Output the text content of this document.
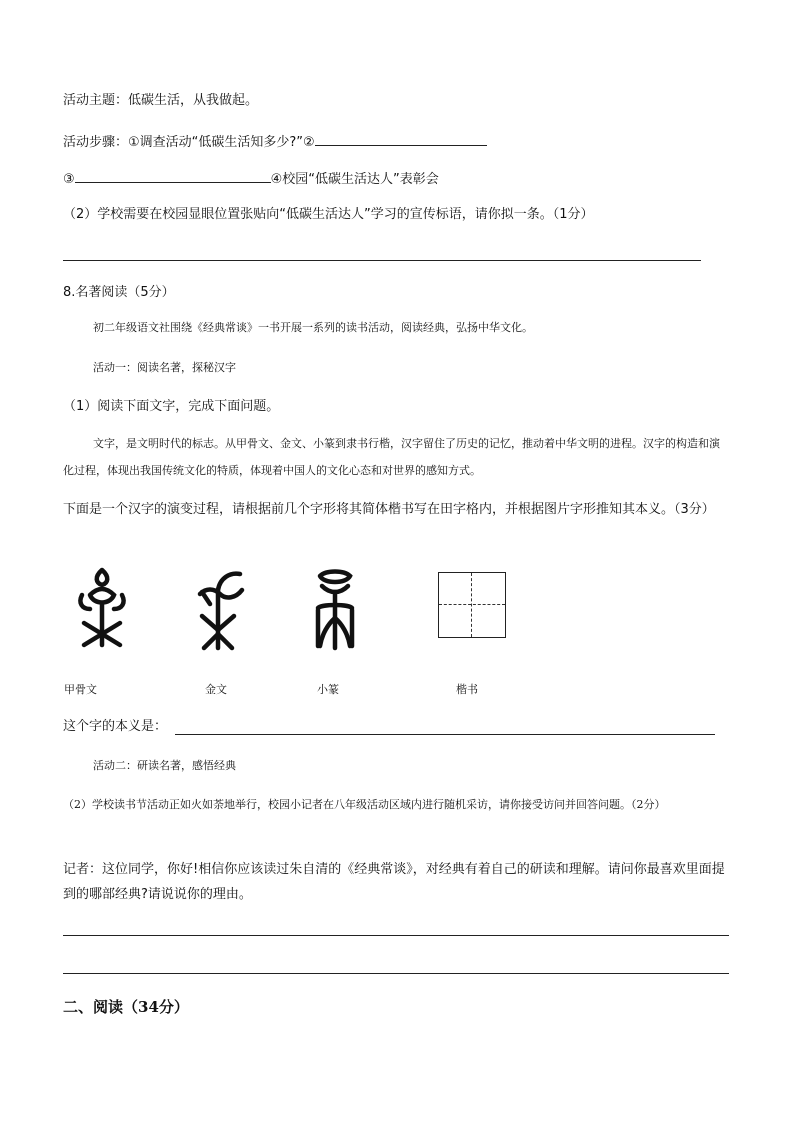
活动主题：低碳生活，从我做起。
活动步骤：①调查活动“低碳生活知多少?”②
③	④校园“低碳生活达人”表彰会
（2）学校需要在校园显眼位置张贴向“低碳生活达人”学习的宣传标语，请你拟一条。（1分）
8.名著阅读（5分）
初二年级语文社围绕《经典常谈》一书开展一系列的读书活动，阅读经典，弘扬中华文化。
活动一：阅读名著，探秘汉字
（1）阅读下面文字，完成下面问题。
文字，是文明时代的标志。从甲骨文、金文、小篆到隶书行楷，汉字留住了历史的记忆，推动着中华文明的进程。汉字的构造和演化过程，体现出我国传统文化的特质，体现着中国人的文化心态和对世界的感知方式。
下面是一个汉字的演变过程，请根据前几个字形将其简体楷书写在田字格内，并根据图片字形推知其本义。（3分）
甲骨文	金文	小篆	楷书
这个字的本义是：
活动二：研读名著，感悟经典
（2）学校读书节活动正如火如荼地举行，校园小记者在八年级活动区域内进行随机采访，请你接受访问并回答问题。（2分）
记者：这位同学，你好!相信你应该读过朱自清的《经典常谈》，对经典有着自己的研读和理解。请问你最喜欢里面提到的哪部经典?请说说你的理由。
二、阅读（34分）
